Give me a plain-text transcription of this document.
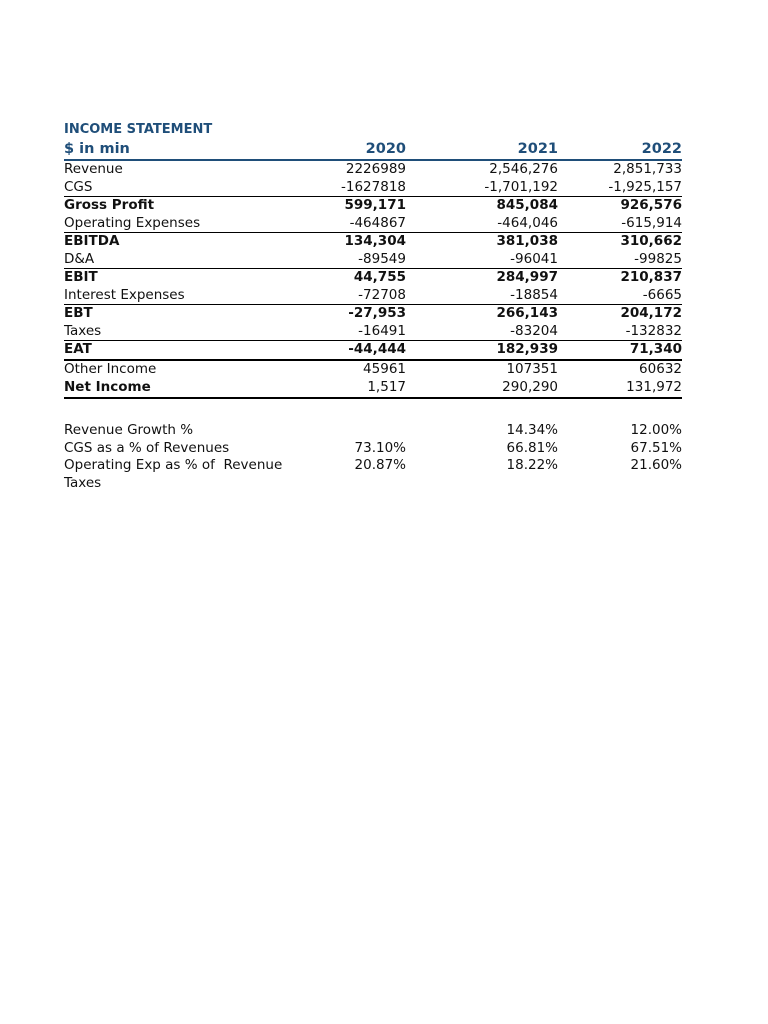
INCOME STATEMENT
$ in min	2020	2021	2022
Revenue	2226989	2,546,276	2,851,733
CGS	-1627818	-1,701,192	-1,925,157
Gross Profit	599,171	845,084	926,576
Operating Expenses	-464867	-464,046	-615,914
EBITDA	134,304	381,038	310,662
D&A	-89549	-96041	-99825
EBIT	44,755	284,997	210,837
Interest Expenses	-72708	-18854	-6665
EBT	-27,953	266,143	204,172
Taxes	-16491	-83204	-132832
EAT	-44,444	182,939	71,340
Other Income	45961	107351	60632
Net Income	1,517	290,290	131,972
Revenue Growth %		14.34%	12.00%
CGS as a % of Revenues	73.10%	66.81%	67.51%
Operating Exp as % of  Revenue	20.87%	18.22%	21.60%
Taxes			
